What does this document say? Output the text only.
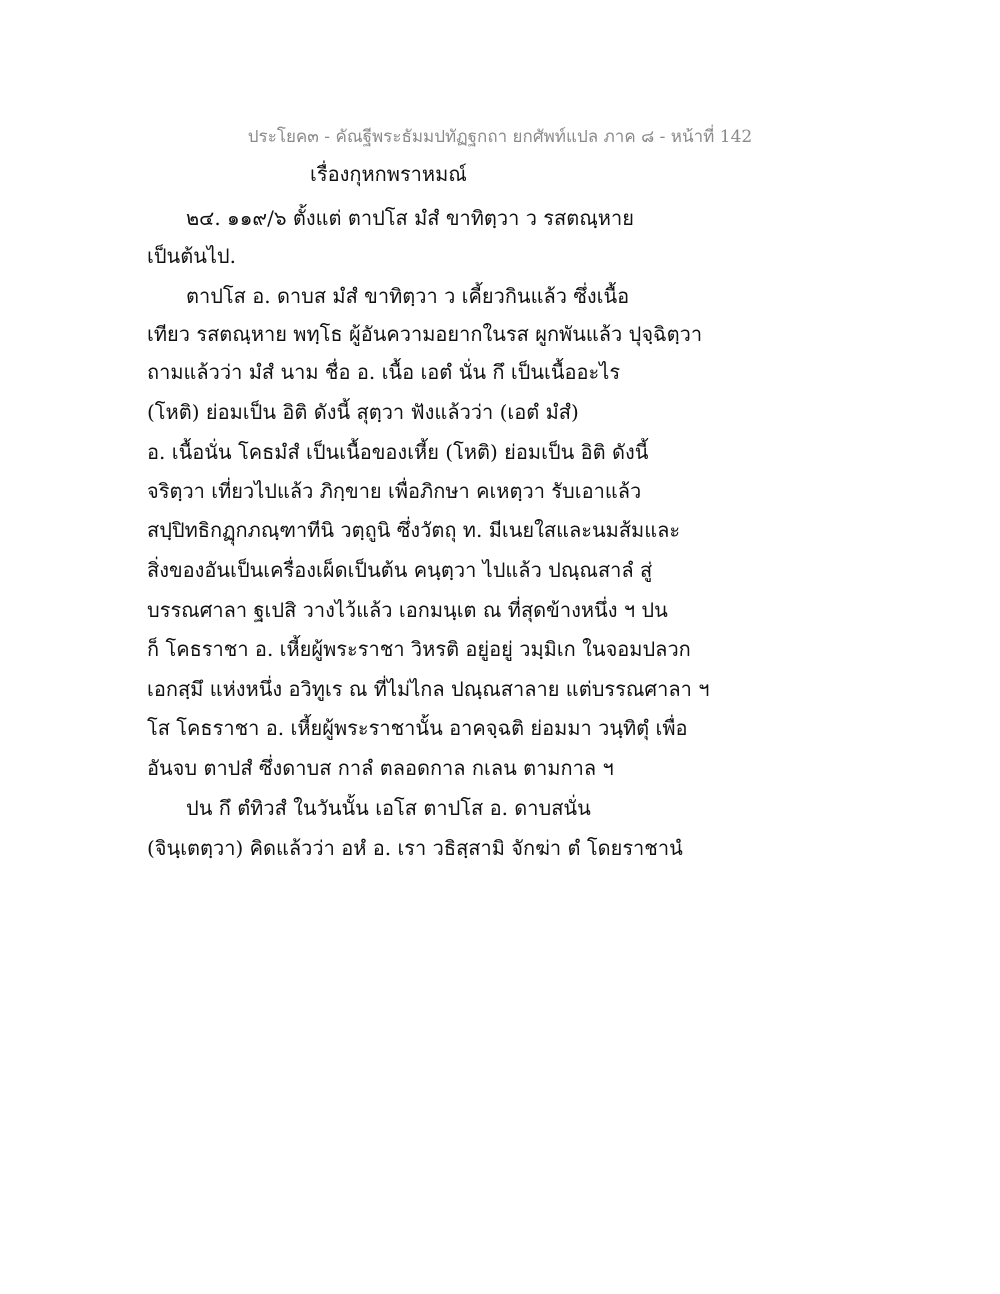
ประโยค๓ - คัณฐีพระธัมมปทัฏฐกถา ยกศัพท์แปล ภาค ๘ - หน้าที่ 142
เรื่องกุหกพราหมณ์
๒๔. ๑๑๙/๖ ตั้งแต่ ตาปโส มํสํ ขาทิตฺวา ว รสตณฺหาย
เป็นต้นไป.
ตาปโส อ. ดาบส มํสํ ขาทิตฺวา ว เคี้ยวกินแล้ว ซึ่งเนื้อ
เทียว รสตณฺหาย พทฺโธ ผู้อันความอยากในรส ผูกพันแล้ว ปุจฺฉิตฺวา
ถามแล้วว่า มํสํ นาม ชื่อ อ. เนื้อ เอตํ นั่น กึ เป็นเนื้ออะไร
(โหติ) ย่อมเป็น อิติ ดังนี้ สุตฺวา ฟังแล้วว่า (เอตํ มํสํ)
อ. เนื้อนั่น โคธมํสํ เป็นเนื้อของเหี้ย (โหติ) ย่อมเป็น อิติ ดังนี้
จริตฺวา เที่ยวไปแล้ว ภิกฺขาย เพื่อภิกษา คเหตฺวา รับเอาแล้ว
สปฺปิทธิกฏุกภณฺฑาทีนิ วตฺถูนิ ซึ่งวัตถุ ท. มีเนยใสและนมส้มและ
สิ่งของอันเป็นเครื่องเผ็ดเป็นต้น คนฺตฺวา ไปแล้ว ปณฺณสาลํ สู่
บรรณศาลา ฐเปสิ วางไว้แล้ว เอกมนฺเต ณ ที่สุดข้างหนึ่ง ฯ ปน
ก็ โคธราชา อ. เหี้ยผู้พระราชา วิหรติ อยู่อยู่ วมฺมิเก ในจอมปลวก
เอกสฺมึ แห่งหนึ่ง อวิทูเร ณ ที่ไม่ไกล ปณฺณสาลาย แต่บรรณศาลา ฯ
โส โคธราชา อ. เหี้ยผู้พระราชานั้น อาคจฺฉติ ย่อมมา วนฺทิตุํ เพื่อ
อันจบ ตาปสํ ซึ่งดาบส กาลํ ตลอดกาล กเลน ตามกาล ฯ
ปน กึ ตํทิวสํ ในวันนั้น เอโส ตาปโส อ. ดาบสนั่น
(จินฺเตตฺวา) คิดแล้วว่า อหํ อ. เรา วธิสฺสามิ จักฆ่า ตํ โดยราชานํ
